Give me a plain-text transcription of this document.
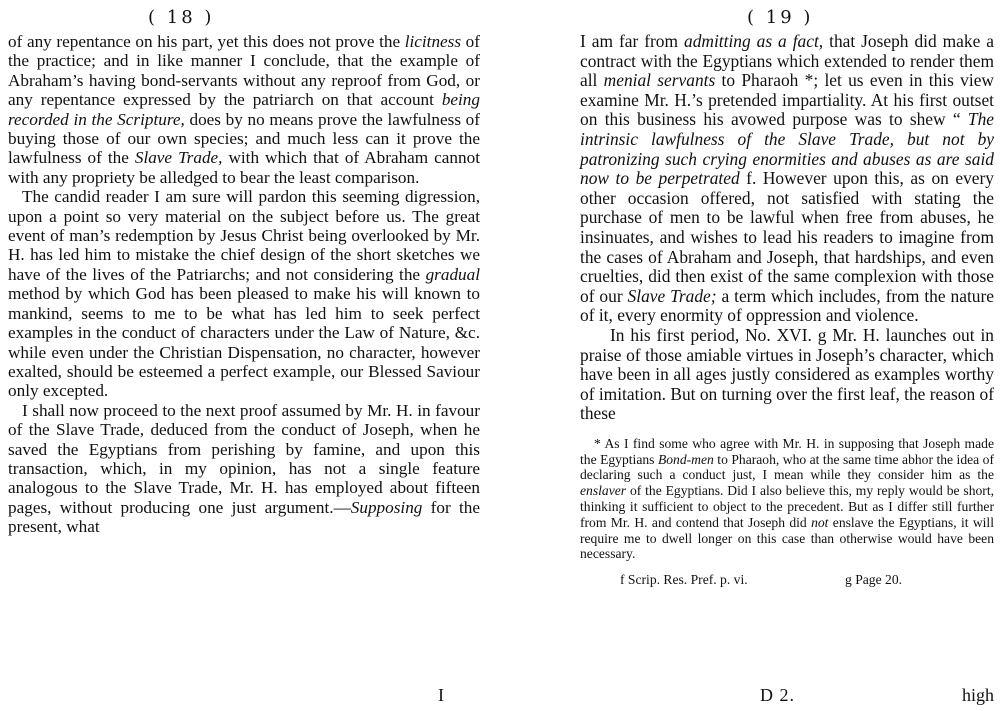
( 18 )

of any repentance on his part, yet this does not prove the licitness of the practice; and in like manner I conclude, that the example of Abraham’s having bond-servants without any reproof from God, or any repentance expressed by the patriarch on that account being recorded in the Scripture, does by no means prove the lawfulness of buying those of our own species; and much less can it prove the lawfulness of the Slave Trade, with which that of Abraham cannot with any propriety be alledged to bear the least comparison.

The candid reader I am sure will pardon this seeming digression, upon a point so very material on the subject before us. The great event of man’s redemption by Jesus Christ being overlooked by Mr. H. has led him to mistake the chief design of the short sketches we have of the lives of the Patriarchs; and not considering the gradual method by which God has been pleased to make his will known to mankind, seems to me to be what has led him to seek perfect examples in the conduct of characters under the Law of Nature, &c. while even under the Christian Dispensation, no character, however exalted, should be esteemed a perfect example, our Blessed Saviour only excepted.

I shall now proceed to the next proof assumed by Mr. H. in favour of the Slave Trade, deduced from the conduct of Joseph, when he saved the Egyptians from perishing by famine, and upon this transaction, which, in my opinion, has not a single feature analogous to the Slave Trade, Mr. H. has employed about fifteen pages, without producing one just argument.—Supposing for the present, what

I
( 19 )

I am far from admitting as a fact, that Joseph did make a contract with the Egyptians which extended to render them all menial servants to Pharaoh *; let us even in this view examine Mr. H.’s pretended impartiality. At his first outset on this business his avowed purpose was to shew “ The intrinsic lawfulness of the Slave Trade, but not by patronizing such crying enormities and abuses as are said now to be perpetrated f. However upon this, as on every other occasion offered, not satisfied with stating the purchase of men to be lawful when free from abuses, he insinuates, and wishes to lead his readers to imagine from the cases of Abraham and Joseph, that hardships, and even cruelties, did then exist of the same complexion with those of our Slave Trade; a term which includes, from the nature of it, every enormity of oppression and violence.

In his first period, No. XVI. g Mr. H. launches out in praise of those amiable virtues in Joseph’s character, which have been in all ages justly considered as examples worthy of imitation. But on turning over the first leaf, the reason of these

* As I find some who agree with Mr. H. in supposing that Joseph made the Egyptians Bond-men to Pharaoh, who at the same time abhor the idea of declaring such a conduct just, I mean while they consider him as the enslaver of the Egyptians. Did I also believe this, my reply would be short, thinking it sufficient to object to the precedent. But as I differ still further from Mr. H. and contend that Joseph did not enslave the Egyptians, it will require me to dwell longer on this case than otherwise would have been necessary.

f Scrip. Res. Pref. p. vi.	g Page 20.
D 2.	high
